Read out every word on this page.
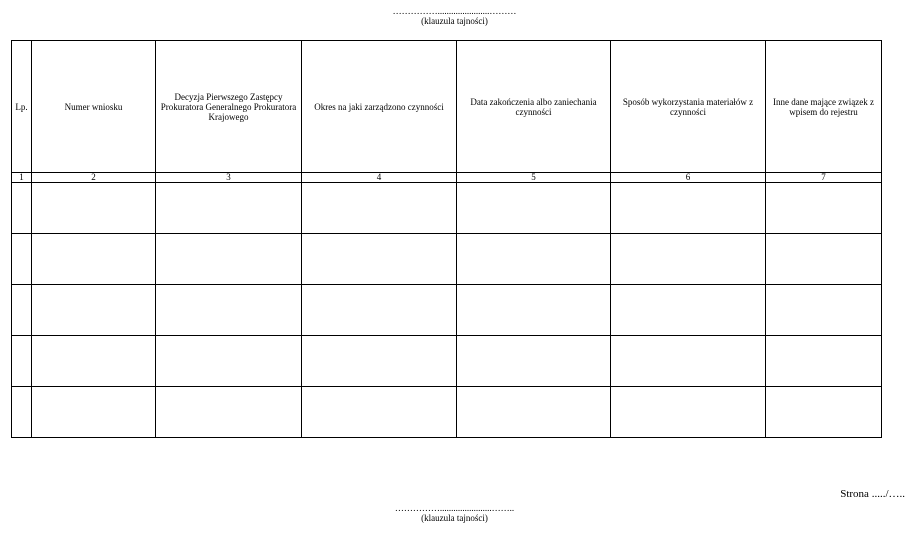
…………….......................………
(klauzula tajności)
Lp.	Numer wniosku	Decyzja Pierwszego Zastępcy Prokuratora Generalnego Prokuratora Krajowego	Okres na jaki zarządzono czynności	Data zakończenia albo zaniechania czynności	Sposób wykorzystania materiałów z czynności	Inne dane mające związek z wpisem do rejestru
1	2	3	4	5	6	7

Strona ...../…..
…………….......................……..
(klauzula tajności)
